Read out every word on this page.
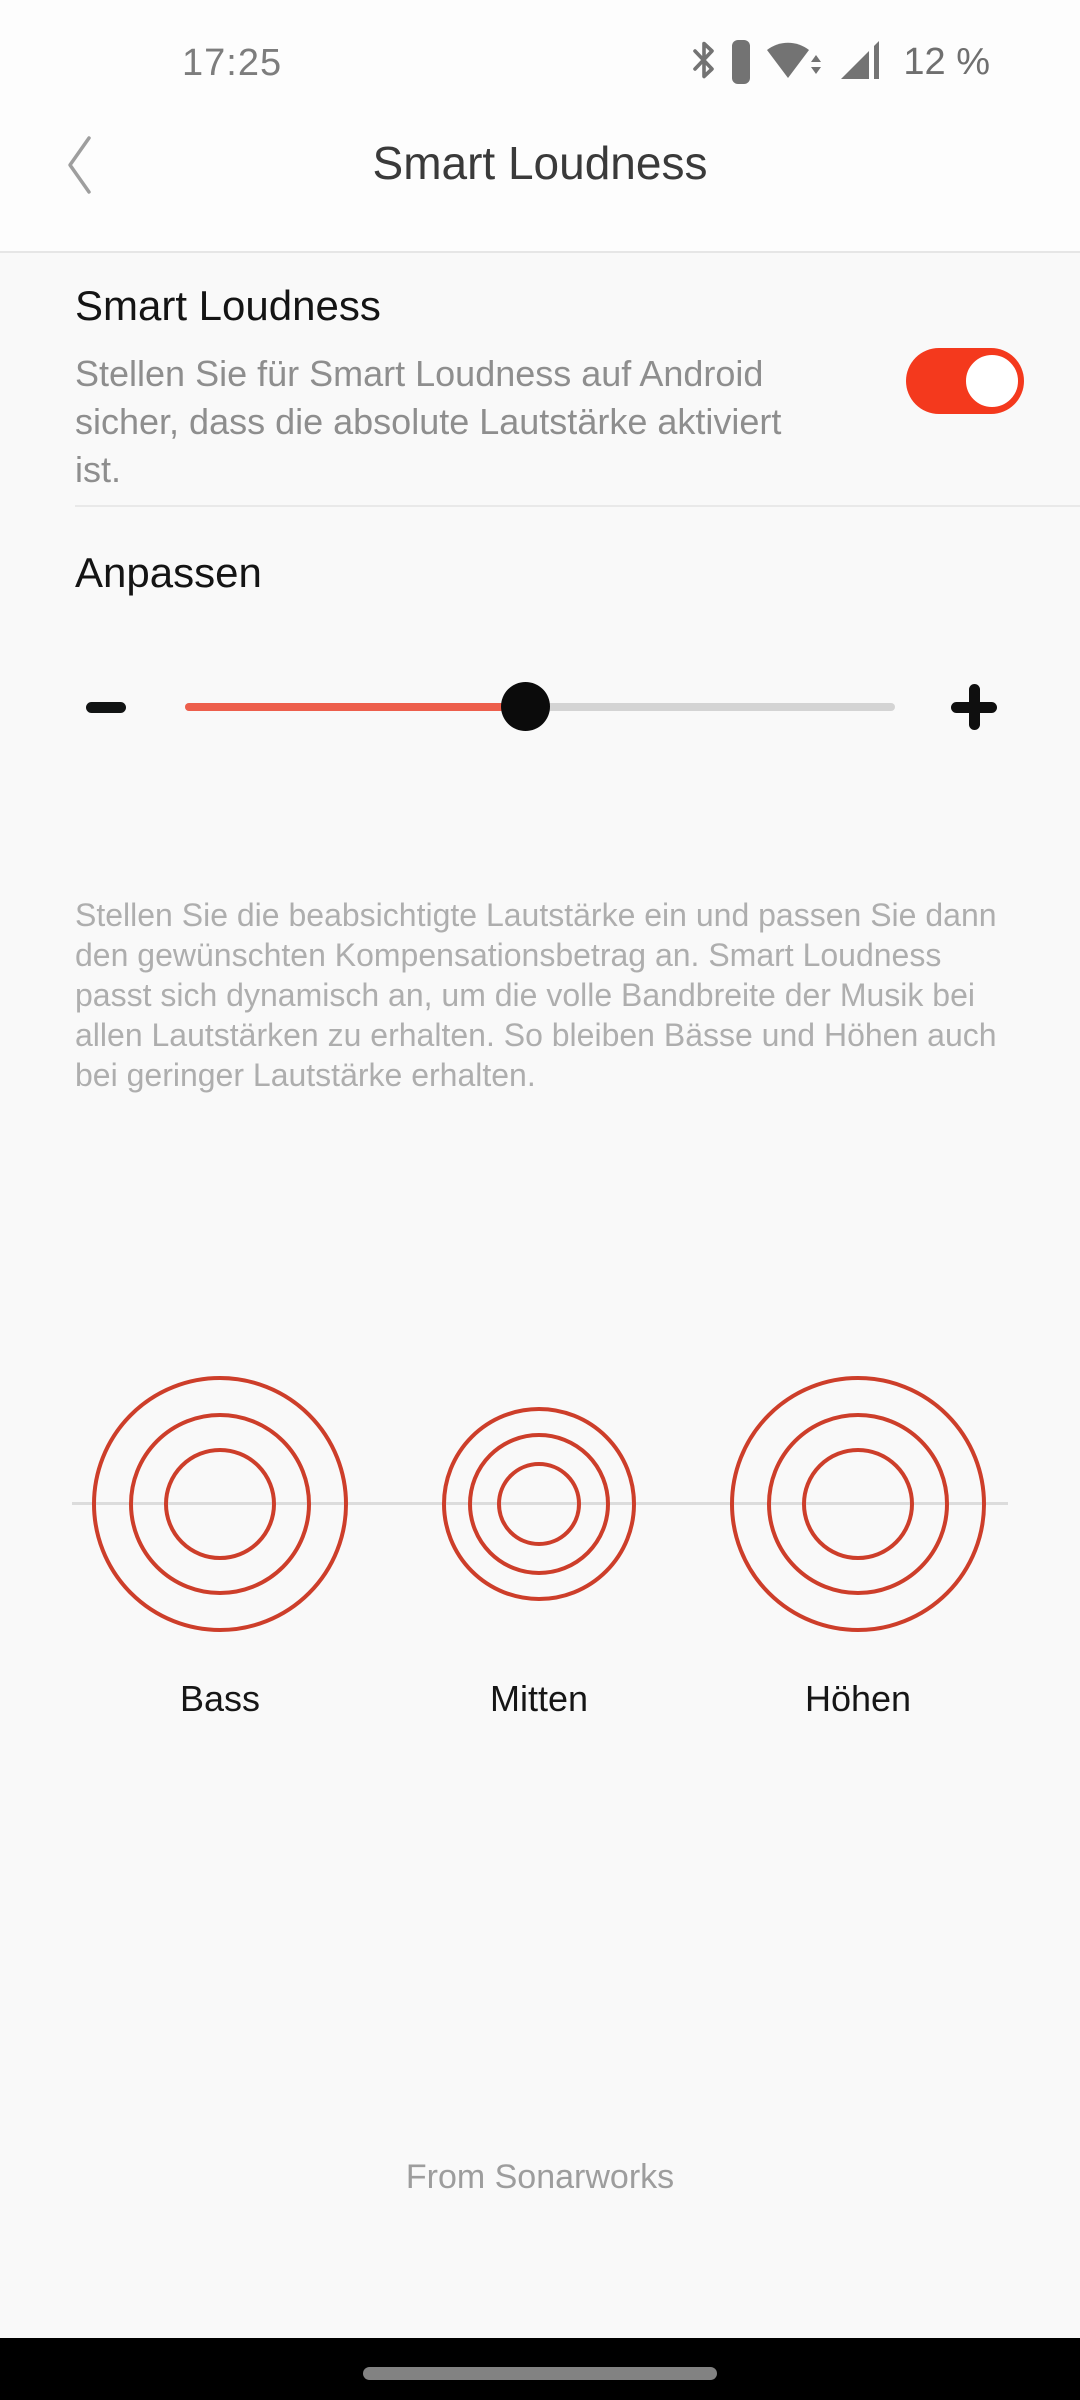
17:25	12 %
Smart Loudness
Smart Loudness
Stellen Sie für Smart Loudness auf Android
sicher, dass die absolute Lautstärke aktiviert
ist.
Anpassen
Stellen Sie die beabsichtigte Lautstärke ein und passen Sie dann
den gewünschten Kompensationsbetrag an. Smart Loudness
passt sich dynamisch an, um die volle Bandbreite der Musik bei
allen Lautstärken zu erhalten. So bleiben Bässe und Höhen auch
bei geringer Lautstärke erhalten.
Bass	Mitten	Höhen
From Sonarworks
